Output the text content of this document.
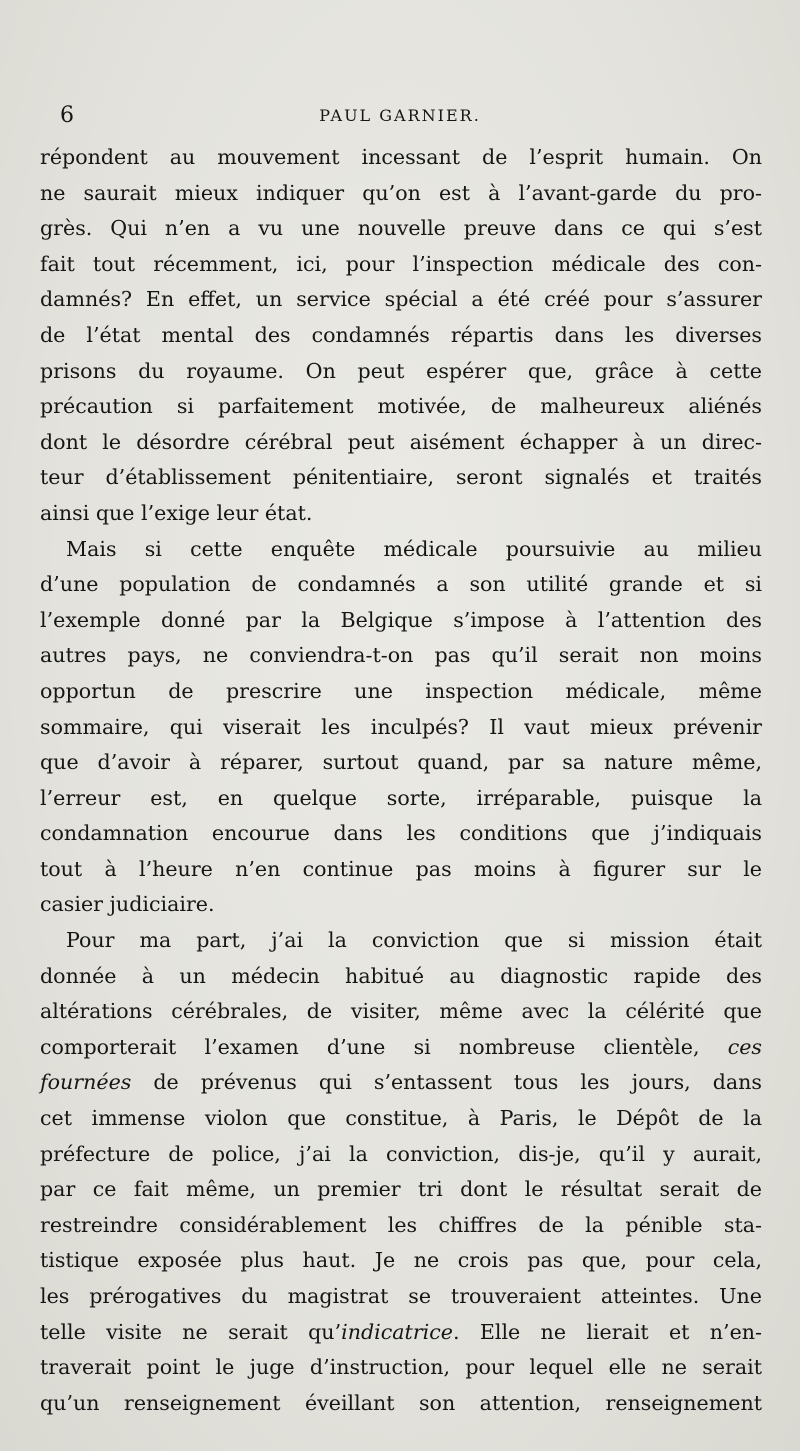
6	PAUL GARNIER.
répondent au mouvement incessant de l’esprit humain. On
ne saurait mieux indiquer qu’on est à l’avant-garde du pro-
grès. Qui n’en a vu une nouvelle preuve dans ce qui s’est
fait tout récemment, ici, pour l’inspection médicale des con-
damnés? En effet, un service spécial a été créé pour s’assurer
de l’état mental des condamnés répartis dans les diverses
prisons du royaume. On peut espérer que, grâce à cette
précaution si parfaitement motivée, de malheureux aliénés
dont le désordre cérébral peut aisément échapper à un direc-
teur d’établissement pénitentiaire, seront signalés et traités
ainsi que l’exige leur état.
Mais si cette enquête médicale poursuivie au milieu
d’une population de condamnés a son utilité grande et si
l’exemple donné par la Belgique s’impose à l’attention des
autres pays, ne conviendra-t-on pas qu’il serait non moins
opportun de prescrire une inspection médicale, même
sommaire, qui viserait les inculpés? Il vaut mieux prévenir
que d’avoir à réparer, surtout quand, par sa nature même,
l’erreur est, en quelque sorte, irréparable, puisque la
condamnation encourue dans les conditions que j’indiquais
tout à l’heure n’en continue pas moins à figurer sur le
casier judiciaire.
Pour ma part, j’ai la conviction que si mission était
donnée à un médecin habitué au diagnostic rapide des
altérations cérébrales, de visiter, même avec la célérité que
comporterait l’examen d’une si nombreuse clientèle, ces
fournées de prévenus qui s’entassent tous les jours, dans
cet immense violon que constitue, à Paris, le Dépôt de la
préfecture de police, j’ai la conviction, dis-je, qu’il y aurait,
par ce fait même, un premier tri dont le résultat serait de
restreindre considérablement les chiffres de la pénible sta-
tistique exposée plus haut. Je ne crois pas que, pour cela,
les prérogatives du magistrat se trouveraient atteintes. Une
telle visite ne serait qu’indicatrice. Elle ne lierait et n’en-
traverait point le juge d’instruction, pour lequel elle ne serait
qu’un renseignement éveillant son attention, renseignement
